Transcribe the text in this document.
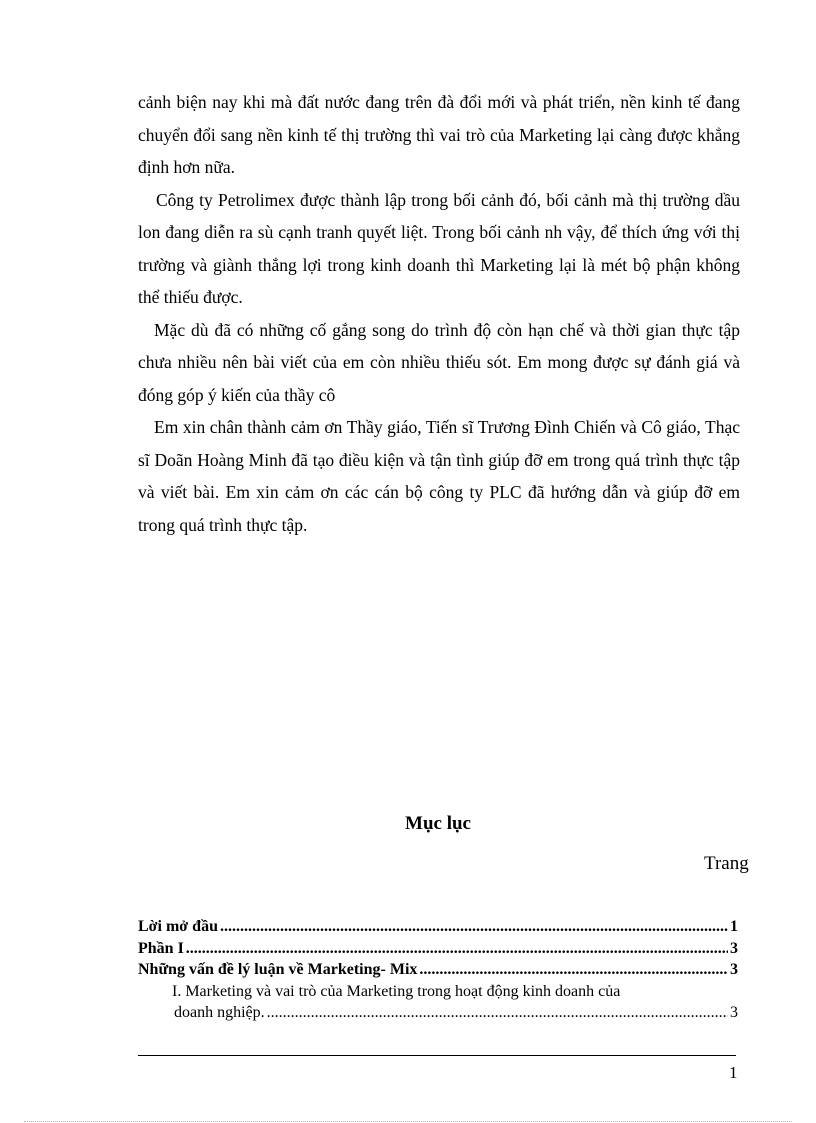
cảnh biện nay khi mà đất nước đang trên đà đổi mới và phát triển, nền kinh tế đang chuyển đổi sang nền kinh tế thị trường thì vai trò của Marketing lại càng được khẳng định hơn nữa.

Công ty Petrolimex được thành lập trong bối cảnh đó, bối cảnh mà thị trường dầu lon đang diễn ra sù cạnh tranh quyết liệt. Trong bối cảnh nh vậy, để thích ứng với thị trường và giành thắng lợi trong kinh doanh thì Marketing lại là mét bộ phận không thể thiếu được.

Mặc dù đã có những cố gắng song do trình độ còn hạn chế và thời gian thực tập chưa nhiều nên bài viết của em còn nhiều thiếu sót. Em mong được sự đánh giá và đóng góp ý kiến của thầy cô

Em xin chân thành cảm ơn Thầy giáo, Tiến sĩ Trương Đình Chiến và Cô giáo, Thạc sĩ Doãn Hoàng Minh đã tạo điều kiện và tận tình giúp đỡ em trong quá trình thực tập và viết bài. Em xin cảm ơn các cán bộ công ty PLC đã hướng dẫn và giúp đỡ em trong quá trình thực tập.

Mục lục
Trang
Lời mở đầu .....	1
Phần I .....	3
Những vấn đề lý luận về Marketing- Mix .....	3
I. Marketing và vai trò của Marketing trong hoạt động kinh doanh của
doanh nghiệp. .....	3
1
